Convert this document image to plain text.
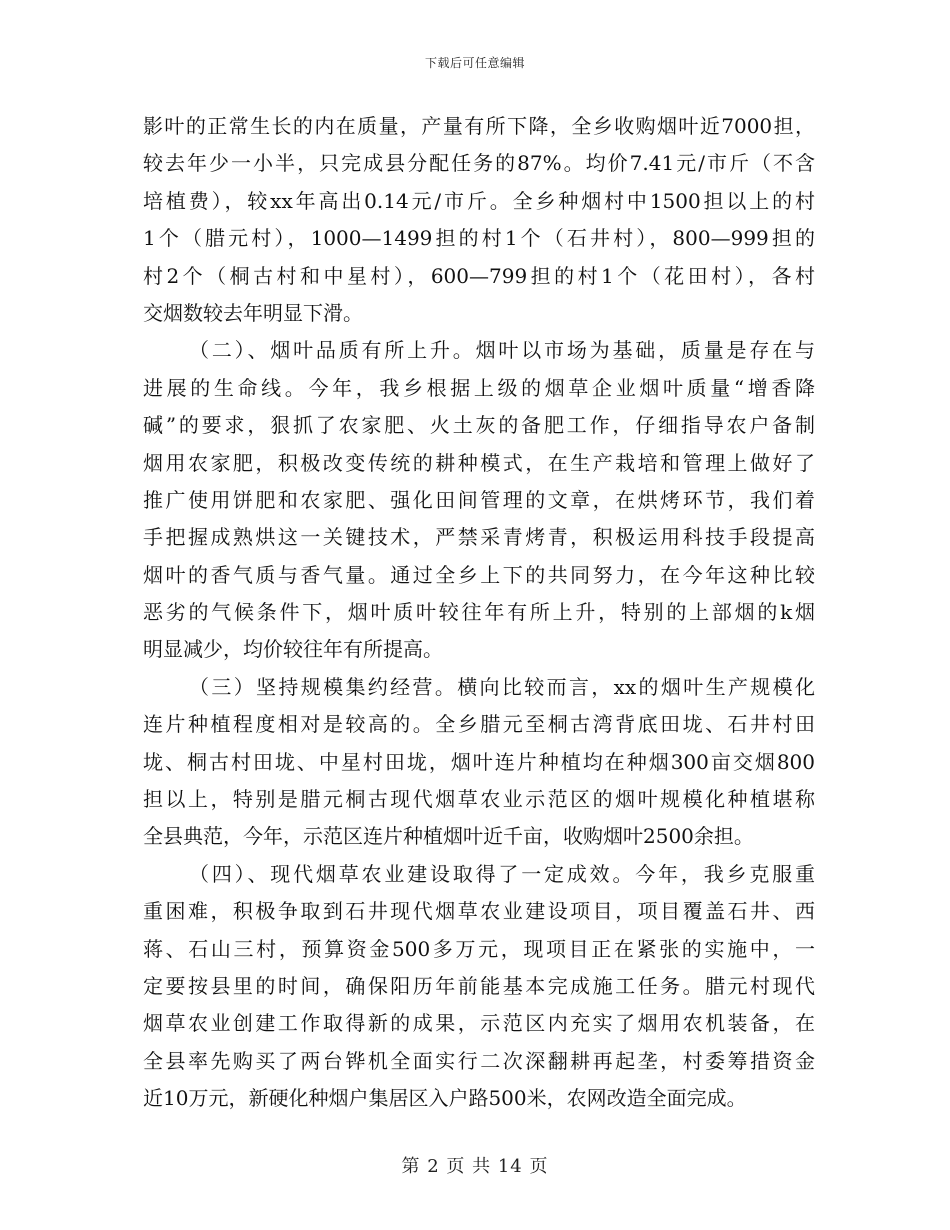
下载后可任意编辑
影叶的正常生长的内在质量，产量有所下降，全乡收购烟叶近7000担，
较去年少一小半，只完成县分配任务的87%。均价7.41元/市斤（不含
培植费），较xx年高出0.14元/市斤。全乡种烟村中1500担以上的村
1个（腊元村），1000—1499担的村1个（石井村），800—999担的
村2个（桐古村和中星村），600—799担的村1个（花田村），各村
交烟数较去年明显下滑。
（二）、烟叶品质有所上升。烟叶以市场为基础，质量是存在与
进展的生命线。今年，我乡根据上级的烟草企业烟叶质量“增香降
碱”的要求，狠抓了农家肥、火土灰的备肥工作，仔细指导农户备制
烟用农家肥，积极改变传统的耕种模式，在生产栽培和管理上做好了
推广使用饼肥和农家肥、强化田间管理的文章，在烘烤环节，我们着
手把握成熟烘这一关键技术，严禁采青烤青，积极运用科技手段提高
烟叶的香气质与香气量。通过全乡上下的共同努力，在今年这种比较
恶劣的气候条件下，烟叶质叶较往年有所上升，特别的上部烟的k烟
明显减少，均价较往年有所提高。
（三）坚持规模集约经营。横向比较而言，xx的烟叶生产规模化
连片种植程度相对是较高的。全乡腊元至桐古湾背底田垅、石井村田
垅、桐古村田垅、中星村田垅，烟叶连片种植均在种烟300亩交烟800
担以上，特别是腊元桐古现代烟草农业示范区的烟叶规模化种植堪称
全县典范，今年，示范区连片种植烟叶近千亩，收购烟叶2500余担。
（四）、现代烟草农业建设取得了一定成效。今年，我乡克服重
重困难，积极争取到石井现代烟草农业建设项目，项目覆盖石井、西
蒋、石山三村，预算资金500多万元，现项目正在紧张的实施中，一
定要按县里的时间，确保阳历年前能基本完成施工任务。腊元村现代
烟草农业创建工作取得新的成果，示范区内充实了烟用农机装备，在
全县率先购买了两台铧机全面实行二次深翻耕再起垄，村委筹措资金
近10万元，新硬化种烟户集居区入户路500米，农网改造全面完成。
第 2 页 共 14 页
